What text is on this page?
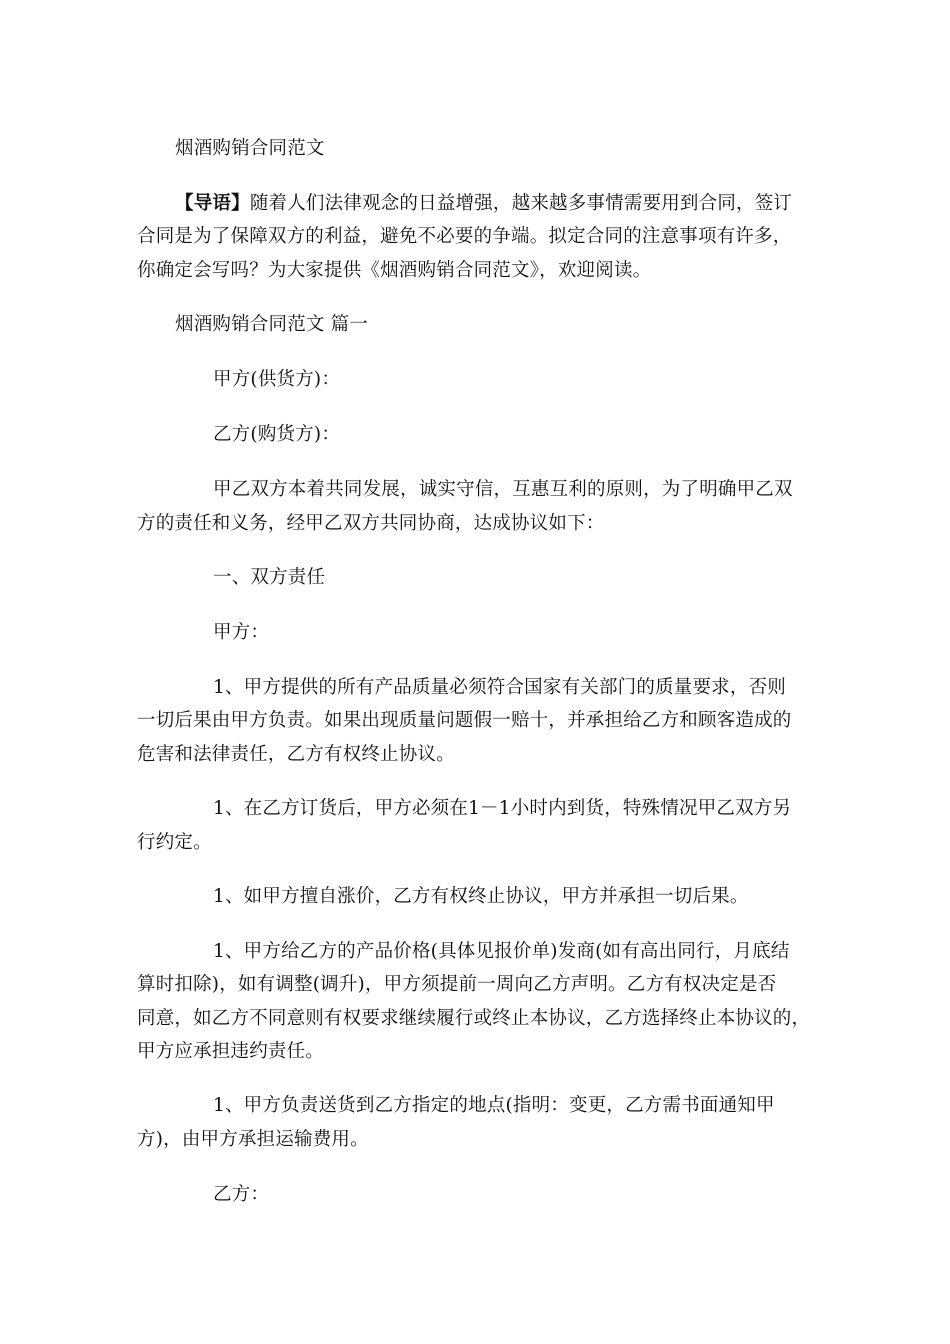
烟酒购销合同范文
【导语】随着人们法律观念的日益增强，越来越多事情需要用到合同，签订
合同是为了保障双方的利益，避免不必要的争端。拟定合同的注意事项有许多，
你确定会写吗？为大家提供《烟酒购销合同范文》，欢迎阅读。
烟酒购销合同范文 篇一
甲方(供货方)：
乙方(购货方)：
甲乙双方本着共同发展，诚实守信，互惠互利的原则，为了明确甲乙双
方的责任和义务，经甲乙双方共同协商，达成协议如下：
一、双方责任
甲方：
1、甲方提供的所有产品质量必须符合国家有关部门的质量要求，否则
一切后果由甲方负责。如果出现质量问题假一赔十，并承担给乙方和顾客造成的
危害和法律责任，乙方有权终止协议。
1、在乙方订货后，甲方必须在1－1小时内到货，特殊情况甲乙双方另
行约定。
1、如甲方擅自涨价，乙方有权终止协议，甲方并承担一切后果。
1、甲方给乙方的产品价格(具体见报价单)发商(如有高出同行，月底结
算时扣除)，如有调整(调升)，甲方须提前一周向乙方声明。乙方有权决定是否
同意，如乙方不同意则有权要求继续履行或终止本协议，乙方选择终止本协议的，
甲方应承担违约责任。
1、甲方负责送货到乙方指定的地点(指明：变更，乙方需书面通知甲
方)，由甲方承担运输费用。
乙方：
